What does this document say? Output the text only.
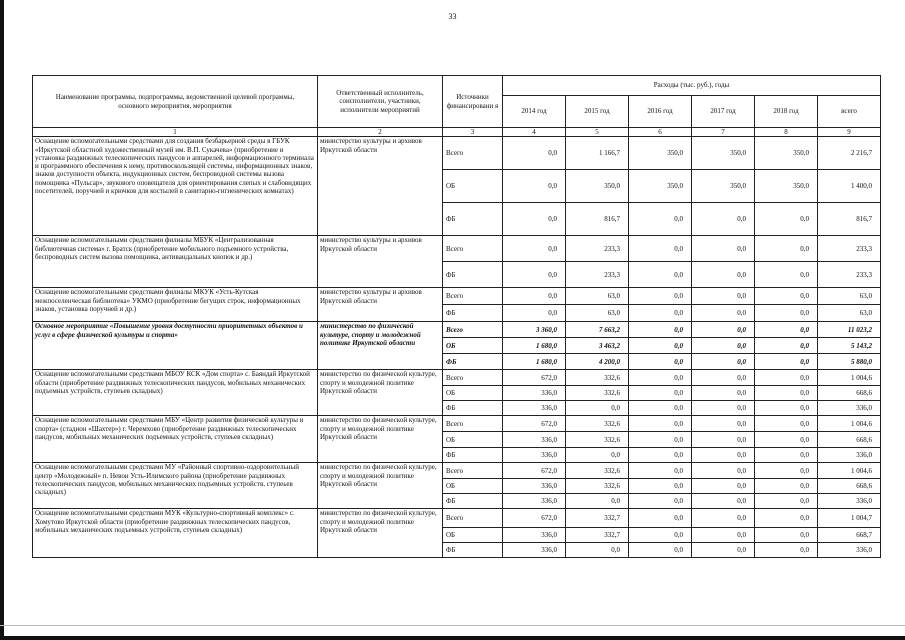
33
Наименование программы, подпрограммы, ведомственной целевой программы, основного мероприятия, мероприятия	Ответственный исполнитель, соисполнители, участники, исполнители мероприятий	Источники финансировани я	Расходы (тыс. руб.), годы					
			2014 год	2015 год	2016 год	2017 год	2018 год	всего
1	2	3	4	5	6	7	8	9
Оснащение вспомогательными средствами для создания безбарьерной среды в ГБУК «Иркутской областной художественный музей им. В.П. Сукачева» (приобретение и установка раздвижных телескопических пандусов и аппарелей, информационного терминала и программного обеспечения к нему, противоскользящей системы, информационных знаков, знаков доступности объекта, индукционных систем, беспроводной системы вызова помощника «Пульсар», звукового оповещателя для ориентирования слепых и слабовидящих посетителей, поручней и крючков для костылей в санитарно-гигиенических комнатах)	министерство культуры и архивов Иркутской области	Всего	0,0	1 166,7	350,0	350,0	350,0	2 216,7
		ОБ	0,0	350,0	350,0	350,0	350,0	1 400,0
		ФБ	0,0	816,7	0,0	0,0	0,0	816,7
Оснащение вспомогательными средствами филиалы МБУК «Централизованная библиотечная система» г. Братск (приобретение мобильного подъемного устройства, беспроводных систем вызова помощника, антивандальных кнопок и др.)	министерство культуры и архивов Иркутской области	Всего	0,0	233,3	0,0	0,0	0,0	233,3
		ФБ	0,0	233,3	0,0	0,0	0,0	233,3
Оснащение вспомогательными средствами филиалы МКУК «Усть-Кутская межпоселенческая библиотека» УКМО (приобретение бегущих строк, информационных знаков, установка поручней и др.)	министерство культуры и архивов Иркутской области	Всего	0,0	63,0	0,0	0,0	0,0	63,0
		ФБ	0,0	63,0	0,0	0,0	0,0	63,0
Основное мероприятие «Повышение уровня доступности приоритетных объектов и услуг в сфере физической культуры и спорта»	министерство по физической культуре, спорту и молодежной политике Иркутской области	Всего	3 360,0	7 663,2	0,0	0,0	0,0	11 023,2
		ОБ	1 680,0	3 463,2	0,0	0,0	0,0	5 143,2
		ФБ	1 680,0	4 200,0	0,0	0,0	0,0	5 880,0
Оснащение вспомогательными средствами МБОУ КСК «Дом спорта» с. Баяндай Иркутской области (приобретение раздвижных телескопических пандусов, мобильных механических подъемных устройств, ступеьев складных)	министерство по физической культуре, спорту и молодежной политике Иркутской области	Всего	672,0	332,6	0,0	0,0	0,0	1 004,6
		ОБ	336,0	332,6	0,0	0,0	0,0	668,6
		ФБ	336,0	0,0	0,0	0,0	0,0	336,0
Оснащение вспомогательными средствами МБУ «Центр развития физической культуры и спорта» (стадион «Шахтер») г. Черемхово (приобретение раздвижных телескопических пандусов, мобильных механических подъемных устройств, ступеьев складных)	министерство по физической культуре, спорту и молодежной политике Иркутской области	Всего	672,0	332,6	0,0	0,0	0,0	1 004,6
		ОБ	336,0	332,6	0,0	0,0	0,0	668,6
		ФБ	336,0	0,0	0,0	0,0	0,0	336,0
Оснащение вспомогательными средствами МУ «Районный спортивно-оздоровительный центр «Молодежный» п. Невон Усть-Илимского района (приобретение раздвижных телескопических пандусов, мобильных механических подъемных устройств, ступеьев складных)	министерство по физической культуре, спорту и молодежной политике Иркутской области	Всего	672,0	332,6	0,0	0,0	0,0	1 004,6
		ОБ	336,0	332,6	0,0	0,0	0,0	668,6
		ФБ	336,0	0,0	0,0	0,0	0,0	336,0
Оснащение вспомогательными средствами МУК «Культурно-спортивный комплекс» с. Хомутово Иркутской области (приобретение раздвижных телескопических пандусов, мобильных механических подъемных устройств, ступеьев складных)	министерство по физической культуре, спорту и молодежной политике Иркутской области	Всего	672,0	332,7	0,0	0,0	0,0	1 004,7
		ОБ	336,0	332,7	0,0	0,0	0,0	668,7
		ФБ	336,0	0,0	0,0	0,0	0,0	336,0
